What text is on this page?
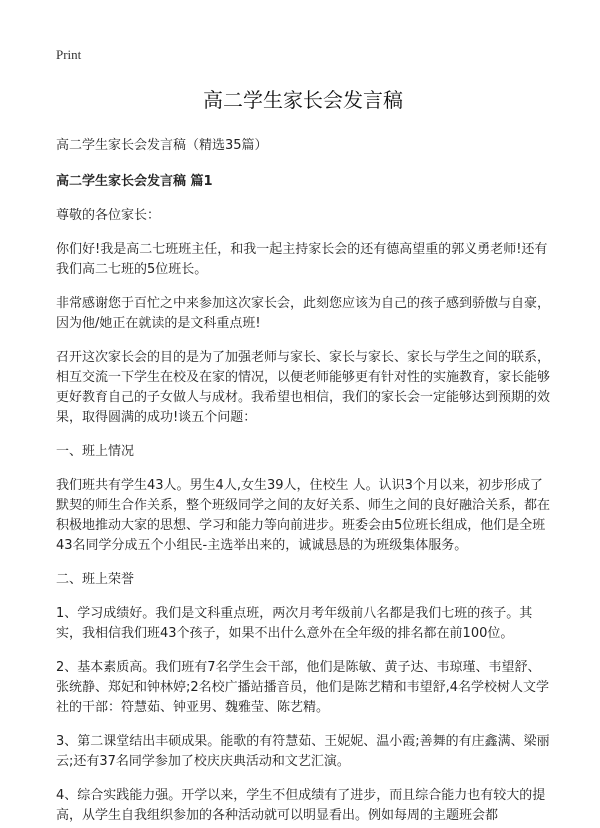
Print
高二学生家长会发言稿

高二学生家长会发言稿（精选35篇）

高二学生家长会发言稿 篇1

尊敬的各位家长：

你们好!我是高二七班班主任，和我一起主持家长会的还有德高望重的郭义勇老师!还有我们高二七班的5位班长。

非常感谢您于百忙之中来参加这次家长会，此刻您应该为自己的孩子感到骄傲与自豪，因为他/她正在就读的是文科重点班!

召开这次家长会的目的是为了加强老师与家长、家长与家长、家长与学生之间的联系，相互交流一下学生在校及在家的情况，以便老师能够更有针对性的实施教育，家长能够更好教育自己的子女做人与成材。我希望也相信，我们的家长会一定能够达到预期的效果，取得圆满的成功!谈五个问题：

一、班上情况

我们班共有学生43人。男生4人,女生39人，住校生 人。认识3个月以来，初步形成了默契的师生合作关系，整个班级同学之间的友好关系、师生之间的良好融洽关系，都在积极地推动大家的思想、学习和能力等向前进步。班委会由5位班长组成，他们是全班43名同学分成五个小组民-主选举出来的，诚诚恳恳的为班级集体服务。

二、班上荣誉

1、学习成绩好。我们是文科重点班，两次月考年级前八名都是我们七班的孩子。其实，我相信我们班43个孩子，如果不出什么意外在全年级的排名都在前100位。

2、基本素质高。我们班有7名学生会干部，他们是陈敏、黄子达、韦琼瑾、韦望舒、张统静、郑妃和钟林婷;2名校广播站播音员，他们是陈艺精和韦望舒,4名学校树人文学社的干部：符慧茹、钟亚男、魏雅莹、陈艺精。

3、第二课堂结出丰硕成果。能歌的有符慧茹、王妮妮、温小霞;善舞的有庄鑫满、梁丽云;还有37名同学参加了校庆庆典活动和文艺汇演。

4、综合实践能力强。开学以来，学生不但成绩有了进步，而且综合能力也有较大的提高，从学生自我组织参加的各种活动就可以明显看出。例如每周的主题班会都
